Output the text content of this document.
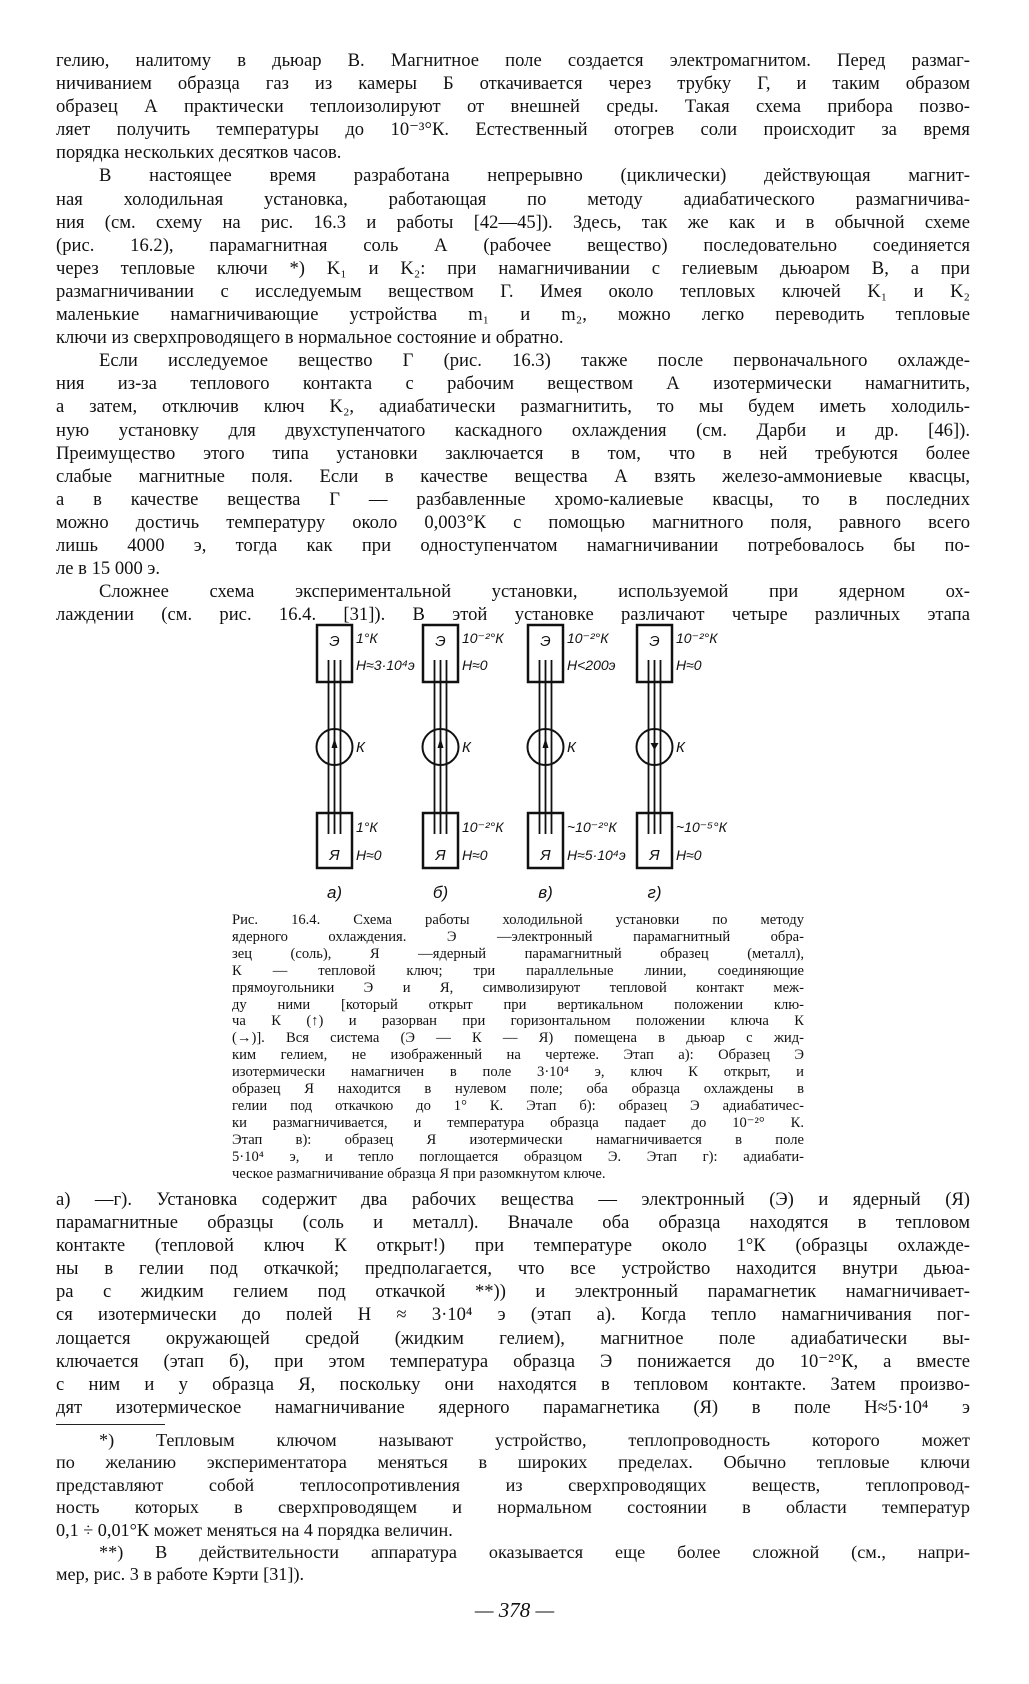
гелию, налитому в дьюар В. Магнитное поле создается электромагнитом. Перед размаг-
ничиванием образца газ из камеры Б откачивается через трубку Г, и таким образом
образец А практически теплоизолируют от внешней среды. Такая схема прибора позво-
ляет получить температуры до 10⁻³°К. Естественный отогрев соли происходит за время
порядка нескольких десятков часов.
В настоящее время разработана непрерывно (циклически) действующая магнит-
ная холодильная установка, работающая по методу адиабатического размагничива-
ния (см. схему на рис. 16.3 и работы [42—45]). Здесь, так же как и в обычной схеме
(рис. 16.2), парамагнитная соль А (рабочее вещество) последовательно соединяется
через тепловые ключи *) K₁ и K₂: при намагничивании с гелиевым дьюаром В, а при
размагничивании с исследуемым веществом Г. Имея около тепловых ключей K₁ и K₂
маленькие намагничивающие устройства m₁ и m₂, можно легко переводить тепловые
ключи из сверхпроводящего в нормальное состояние и обратно.
Если исследуемое вещество Г (рис. 16.3) также после первоначального охлажде-
ния из-за теплового контакта с рабочим веществом А изотермически намагнитить,
а затем, отключив ключ K₂, адиабатически размагнитить, то мы будем иметь холодиль-
ную установку для двухступенчатого каскадного охлаждения (см. Дарби и др. [46]).
Преимущество этого типа установки заключается в том, что в ней требуются более
слабые магнитные поля. Если в качестве вещества А взять железо-аммониевые квасцы,
а в качестве вещества Г — разбавленные хромо-калиевые квасцы, то в последних
можно достичь температуру около 0,003°К с помощью магнитного поля, равного всего
лишь 4000 э, тогда как при одноступенчатом намагничивании потребовалось бы по-
ле в 15 000 э.
Сложнее схема экспериментальной установки, используемой при ядерном ох-
лаждении (см. рис. 16.4. [31]). В этой установке различают четыре различных этапа
Э
Я
К
1°К
H≈3·10⁴э
1°К
H≈0
а)
Э
Я
К
10⁻²°К
H≈0
10⁻²°К
H≈0
б)
Э
Я
К
10⁻²°К
H<200э
~10⁻²°К
H≈5·10⁴э
в)
Э
Я
К
10⁻²°К
H≈0
~10⁻⁵°К
H≈0
г)
Рис. 16.4. Схема работы холодильной установки по методу
ядерного охлаждения. Э —электронный парамагнитный обра-
зец (соль), Я —ядерный парамагнитный образец (металл),
К — тепловой ключ; три параллельные линии, соединяющие
прямоугольники Э и Я, символизируют тепловой контакт меж-
ду ними [который открыт при вертикальном положении клю-
ча К (↑) и разорван при горизонтальном положении ключа К
(→)]. Вся система (Э — К — Я) помещена в дьюар с жид-
ким гелием, не изображенный на чертеже. Этап а): Образец Э
изотермически намагничен в поле 3·10⁴ э, ключ К открыт, и
образец Я находится в нулевом поле; оба образца охлаждены в
гелии под откачкою до 1° К. Этап б): образец Э адиабатичес-
ки размагничивается, и температура образца падает до 10⁻²° К.
Этап в): образец Я изотермически намагничивается в поле
5·10⁴ э, и тепло поглощается образцом Э. Этап г): адиабати-
ческое размагничивание образца Я при разомкнутом ключе.
а) —г). Установка содержит два рабочих вещества — электронный (Э) и ядерный (Я)
парамагнитные образцы (соль и металл). Вначале оба образца находятся в тепловом
контакте (тепловой ключ К открыт!) при температуре около 1°К (образцы охлажде-
ны в гелии под откачкой; предполагается, что все устройство находится внутри дьюа-
ра с жидким гелием под откачкой **)) и электронный парамагнетик намагничивает-
ся изотермически до полей H ≈ 3·10⁴ э (этап а). Когда тепло намагничивания пог-
лощается окружающей средой (жидким гелием), магнитное поле адиабатически вы-
ключается (этап б), при этом температура образца Э понижается до 10⁻²°К, а вместе
с ним и у образца Я, поскольку они находятся в тепловом контакте. Затем произво-
дят изотермическое намагничивание ядерного парамагнетика (Я) в поле H≈5·10⁴ э
*) Тепловым ключом называют устройство, теплопроводность которого может
по желанию экспериментатора меняться в широких пределах. Обычно тепловые ключи
представляют собой теплосопротивления из сверхпроводящих веществ, теплопровод-
ность которых в сверхпроводящем и нормальном состоянии в области температур
0,1 ÷ 0,01°К может меняться на 4 порядка величин.
**) В действительности аппаратура оказывается еще более сложной (см., напри-
мер, рис. 3 в работе Кэрти [31]).
— 378 —
